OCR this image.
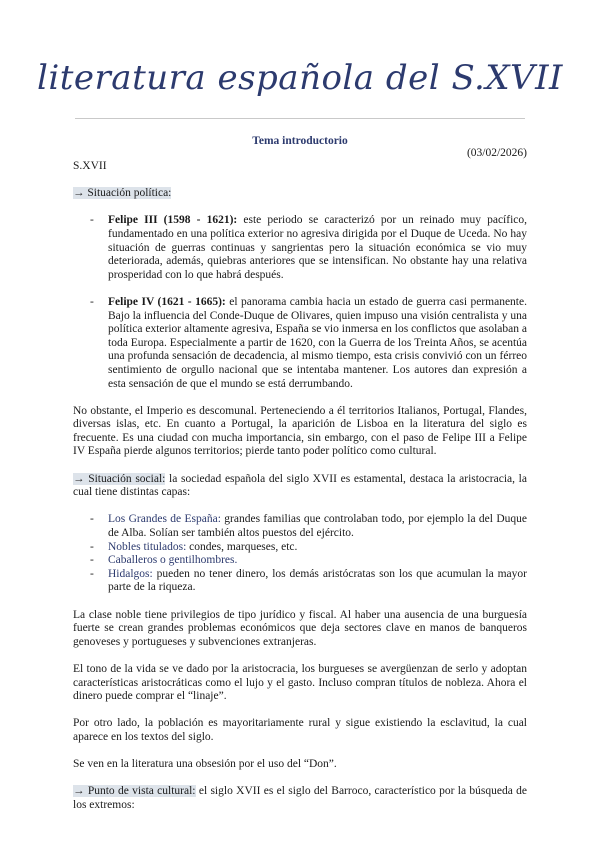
literatura española del S.XVII
Tema introductorio
(03/02/2026)

S.XVII

→ Situación política:

- Felipe III (1598 - 1621): este periodo se caracterizó por un reinado muy pacífico, fundamentado en una política exterior no agresiva dirigida por el Duque de Uceda. No hay situación de guerras continuas y sangrientas pero la situación económica se vio muy deteriorada, además, quiebras anteriores que se intensifican. No obstante hay una relativa prosperidad con lo que habrá después.

- Felipe IV (1621 - 1665): el panorama cambia hacia un estado de guerra casi permanente. Bajo la influencia del Conde-Duque de Olivares, quien impuso una visión centralista y una política exterior altamente agresiva, España se vio inmersa en los conflictos que asolaban a toda Europa. Especialmente a partir de 1620, con la Guerra de los Treinta Años, se acentúa una profunda sensación de decadencia, al mismo tiempo, esta crisis convivió con un férreo sentimiento de orgullo nacional que se intentaba mantener. Los autores dan expresión a esta sensación de que el mundo se está derrumbando.

No obstante, el Imperio es descomunal. Perteneciendo a él territorios Italianos, Portugal, Flandes, diversas islas, etc. En cuanto a Portugal, la aparición de Lisboa en la literatura del siglo es frecuente. Es una ciudad con mucha importancia, sin embargo, con el paso de Felipe III a Felipe IV España pierde algunos territorios; pierde tanto poder político como cultural.

→ Situación social: la sociedad española del siglo XVII es estamental, destaca la aristocracia, la cual tiene distintas capas:

- Los Grandes de España: grandes familias que controlaban todo, por ejemplo la del Duque de Alba. Solían ser también altos puestos del ejército.

- Nobles titulados: condes, marqueses, etc.

- Caballeros o gentilhombres.

- Hidalgos: pueden no tener dinero, los demás aristócratas son los que acumulan la mayor parte de la riqueza.

La clase noble tiene privilegios de tipo jurídico y fiscal. Al haber una ausencia de una burguesía fuerte se crean grandes problemas económicos que deja sectores clave en manos de banqueros genoveses y portugueses y subvenciones extranjeras.

El tono de la vida se ve dado por la aristocracia, los burgueses se avergüenzan de serlo y adoptan características aristocráticas como el lujo y el gasto. Incluso compran títulos de nobleza. Ahora el dinero puede comprar el “linaje”.

Por otro lado, la población es mayoritariamente rural y sigue existiendo la esclavitud, la cual aparece en los textos del siglo.

Se ven en la literatura una obsesión por el uso del “Don”.

→ Punto de vista cultural: el siglo XVII es el siglo del Barroco, característico por la búsqueda de los extremos:
